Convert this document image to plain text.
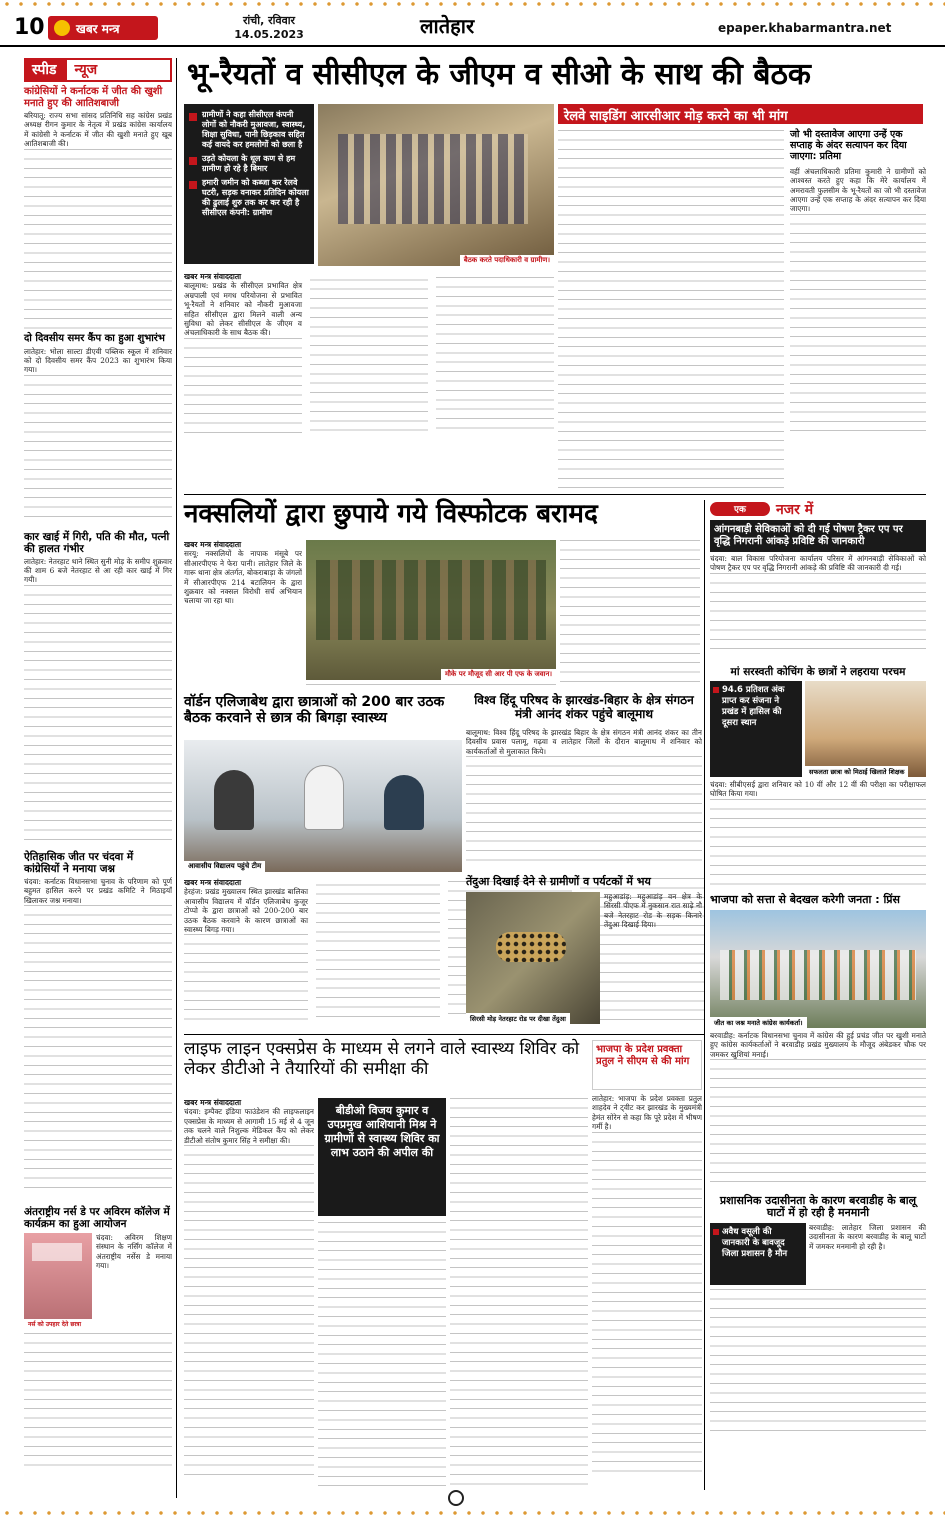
10	खबर मन्त्र
रांची, रविवार
14.05.2023	लातेहार	epaper.khabarmantra.net
स्पीड	न्यूज
कांग्रेसियों ने कर्नाटक में जीत की खुशी मनाते हुए की आतिशबाजी
बरियातू: राज्य सभा सांसद प्रतिनिधि सह कांग्रेस प्रखंड अध्यक्ष रीगन कुमार के नेतृत्व में प्रखंड कांग्रेस कार्यालय में कांग्रेसी ने कर्नाटक में जीत की खुशी मनाते हुए खूब आतिशबाजी की।
दो दिवसीय समर कैंप का हुआ शुभारंभ
लातेहार: भोला साल्टा डीएवी पब्लिक स्कूल में शनिवार को दो दिवसीय समर कैंप 2023 का शुभारंभ किया गया।
कार खाई में गिरी, पति की मौत, पत्नी की हालत गंभीर
लातेहार: नेतरहाट थाने स्थित सुनी मोड़ के समीप शुक्रवार की शाम 6 बजे नेतरहाट से आ रही कार खाई में गिर गयी।
ऐतिहासिक जीत पर चंदवा में कांग्रेसियों ने मनाया जश्न
चंदवा: कर्नाटक विधानसभा चुनाव के परिणाम को पूर्ण बहुमत हासिल करने पर प्रखंड कमिटि ने मिठाइयाँ खिलाकर जश्न मनाया।
अंतराष्ट्रीय नर्स डे पर अविरम कॉलेज में कार्यक्रम का हुआ आयोजन
नर्स को उपहार देते छात्रा
चंदवा: अविरम शिक्षण संस्थान के नर्सिंग कॉलेज में अंतराष्ट्रीय नर्सेस डे मनाया गया।
भू-रैयतों व सीसीएल के जीएम व सीओ के साथ की बैठक
ग्रामीणों ने कहा सीसीएल कंपनी लोगों को नौकरी मुआवजा, स्वास्थ्य, शिक्षा सुविधा, पानी छिड़काव सहित कई वायदे कर हमलोगों को छला है
उड़ते कोयला के धूल कण से हम ग्रामीण हो रहे है बिमार
हमारी जमीन को कब्जा कर रेलवे घटरी, सड़क वनाकर प्रतिदिन कोयला की ढुलाई शुरु तक कर कर रही है सीसीएल कंपनी: ग्रामीण
बैठक करते पदाधिकारी व ग्रामीण।
रेलवे साइडिंग आरसीआर मोड़ करने का भी मांग
खबर मन्त्र संवाददाता
बालूमाथ: प्रखंड के सीसीएल प्रभावित क्षेत्र अम्रपाली एवं मगध परियोजना से प्रभावित भू-रैयतों ने शनिवार को नौकरी मुआवजा सहित सीसीएल द्वारा मिलने वाली अन्य सुविधा को लेकर सीसीएल के जीएम व अंचलाधिकारी के साथ बैठक की।
जो भी दस्तावेज आएगा उन्हें एक सप्ताह के अंदर सत्यापन कर दिया जाएगा: प्रतिमा
वहीं अंचलाधिकारी प्रतिमा कुमारी ने ग्रामीणों को आश्वस्त करते हुए कहा कि मेरे कार्यालय में अमरावती फुलसीम के भू-रैयतों का जो भी दस्तावेज आएगा उन्हें एक सप्ताह के अंदर सत्यापन कर दिया जाएगा।
नक्सलियों द्वारा छुपाये गये विस्फोटक बरामद
खबर मन्त्र संवाददाता
सरयू: नक्सलियों के नापाक मंसूबे पर सीआरपीएफ ने फेरा पानी। लातेहार जिले के गारू थाना क्षेत्र अंतर्गत, बोकराबाड़ा के जंगलों में सीआरपीएफ 214 बटालियन के द्वारा शुक्रवार को नक्सल विरोधी सर्च अभियान चलाया जा रहा था।
मौके पर मौजूद सी आर पी एफ के जवान।
वॉर्डन एलिजाबेथ द्वारा छात्राओं को 200 बार उठक बैठक करवाने से छात्र की बिगड़ा स्वास्थ्य
आवासीय विद्यालय पहुंचे टीम
खबर मन्त्र संवाददाता
हेरहंज: प्रखंड मुख्यालय स्थित झारखंड बालिका आवासीय विद्यालय में वॉर्डन एलिजाबेथ कुजूर टोप्पो के द्वारा छात्राओं को 200-200 बार उठक बैठक करवाने के कारण छात्राओं का स्वास्थ्य बिगड़ गया।
विश्व हिंदू परिषद के झारखंड-बिहार के क्षेत्र संगठन मंत्री आनंद शंकर पहुंचे बालूमाथ
बालूमाथ: विश्व हिंदू परिषद के झारखंड बिहार के क्षेत्र संगठन मंत्री आनंद शंकर का तीन दिवसीय प्रवास पलामू, गढ़वा व लातेहार जिलों के दौरान बालूमाथ में शनिवार को कार्यकर्ताओं से मुलाकात किये।
तेंदुआ दिखाई देने से ग्रामीणों व पर्यटकों में भय
सिरसी मोड़ नेतरहाट रोड पर दीखा तेंदुआ
महुआडांड़: महुआडांड़ वन क्षेत्र के सिरसी पीएफ में नुकसान रात साढ़े नौ बजे नेतरहाट रोड के सड़क किनारे तेंदुआ दिखाई दिया।
लाइफ लाइन एक्सप्रेस के माध्यम से लगने वाले स्वास्थ्य शिविर को लेकर डीटीओ ने तैयारियों की समीक्षा की
खबर मन्त्र संवाददाता
चंदवा: इम्पैक्ट इंडिया फाउंडेशन की लाइफलाइन एक्सप्रेस के माध्यम से आगामी 15 मई से 4 जून तक चलने वाले निशुल्क मेडिकल कैंप को लेकर डीटीओ संतोष कुमार सिंह ने समीक्षा की।
बीडीओ विजय कुमार व उपप्रमुख आशियानी मिश्र ने ग्रामीणों से स्वास्थ्य शिविर का लाभ उठाने की अपील की
भाजपा के प्रदेश प्रवक्ता प्रतुल ने सीएम से की मांग
लातेहार: भाजपा के प्रदेश प्रवक्ता प्रतुल शाहदेव ने ट्वीट कर झारखंड के मुख्यमंत्री हेमंत सोरेन से कहा कि पूरे प्रदेश में भीषण गर्मी है।
एक	नजर में
आंगनबाड़ी सेविकाओं को दी गई पोषण ट्रैकर एप पर वृद्धि निगरानी आंकड़े प्रविष्टि की जानकारी
चंदवा: बाल विकास परियोजना कार्यालय परिसर में आंगनबाड़ी सेविकाओं को पोषण ट्रैकर एप पर वृद्धि निगरानी आंकड़े की प्रविष्टि की जानकारी दी गई।
मां सरस्वती कोचिंग के छात्रों ने लहराया परचम
94.6 प्रतिशत अंक प्राप्त कर संजना ने प्रखंड में हासिल की दूसरा स्थान
सफलता छात्रा को मिठाई खिलाते शिक्षक
चंदवा: सीबीएसई द्वारा शनिवार को 10 वीं और 12 वीं की परीक्षा का परीक्षाफल घोषित किया गया।
भाजपा को सत्ता से बेदखल करेगी जनता : प्रिंस
जीत का जश्न मनाते कांग्रेस कार्यकर्ता।
बरवाडीह: कर्नाटक विधानसभा चुनाव में कांग्रेस की हुई प्रचंड जीत पर खुशी मनाते हुए कांग्रेस कार्यकर्ताओं ने बरवाडीह प्रखंड मुख्यालय के मौजूद अंबेडकर चौक पर जमकर खुशियां मनाई।
प्रशासनिक उदासीनता के कारण बरवाडीह के बालू घाटों में हो रही है मनमानी
अवैध वसूली की जानकारी के बावजूद जिला प्रशासन है मौन
बरवाडीह: लातेहार जिला प्रशासन की उदासीनता के कारण बरवाडीह के बालू घाटों में जमकर मनमानी हो रही है।
